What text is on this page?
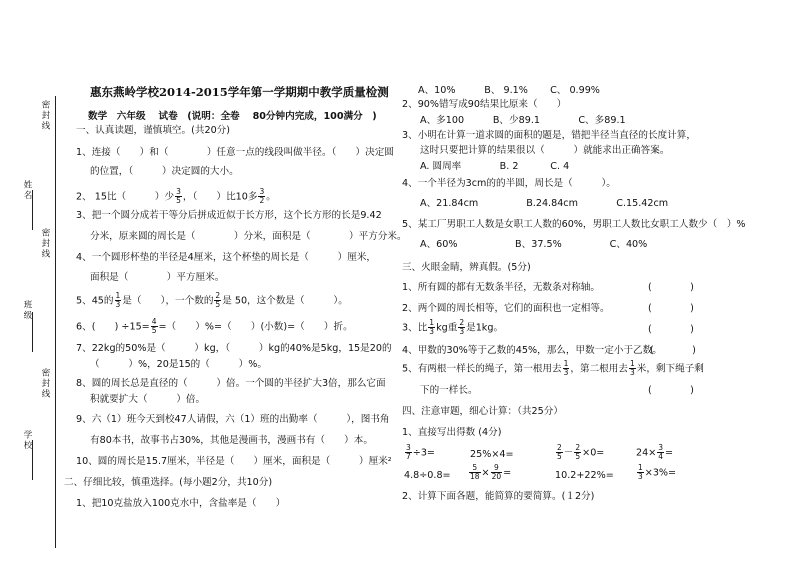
密封线
姓名
密封线
班级
密封线
学校
惠东燕岭学校2014-2015学年第一学期期中教学质量检测
数学　六年级　 试卷　(说明：全卷　 80分钟内完成，100满分　)
一、认真读题，谨慎填空。(共20分)
1、连接（　　）和（　　　　）任意一点的线段叫做半径。（　　）决定圆
的位置，（　　　）决定圆的大小。
2、 15比（　　　）少 $\frac{3}{5}$ ，（　　）比10多 $\frac{3}{2}$ 。
3、把一个圆分成若干等分后拼成近似于长方形，这个长方形的长是9.42
分米，原来圆的周长是（　　　　）分米，面积是（　　　　）平方分米。
4、一个圆形杯垫的半径是4厘米，这个杯垫的周长是（　　　）厘米，
面积是（　　　　）平方厘米。
5、45的 $\frac{1}{3}$ 是（　　），一个数的 $\frac{2}{5}$ 是 50，这个数是（　　　）。
6、(　　) $\div 15= \frac{4}{5}$ =（　　）%=（　　）(小数)=（　　）折。
7、22kg的50%是（　　　）kg，（　　　）kg的40%是5kg，15是20的
（　　　）%，20是15的（　　　）%。
8、圆的周长总是直径的（　　　）倍。一个圆的半径扩大3倍，那么它面
积就要扩大（　　　）倍。
9、六（1）班今天到校47人请假，六（1）班的出勤率（　　　），图书角
有80本书，故事书占30%，其他是漫画书，漫画书有（　　）本。
10、圆的周长是15.7厘米，半径是（　　）厘米，面积是（　　　）厘米²
二、仔细比较，慎重选择。(每小题2分，共10分)
1、把10克盐放入100克水中，含盐率是（　　）
A、10%　　　B、 9.1%　　 C、 0.99%
2、90%错写成90结果比原来（　　）
A、多100　　　B、少89.1　　　　C、多89.1
3、小明在计算一道求圆的面积的题是，错把半径当直径的长度计算，
这时只要把计算的结果很以（　　　）就能求出正确答案。
A. 圆周率　　　　B. 2　　　 C. 4
4、一个半径为3cm的的半圆，周长是（　　　）。
A、21.84cm　　　　　B.24.84cm　　　　C.15.42cm
5、某工厂男职工人数是女职工人数的60%，男职工人数比女职工人数少（　）%
A、60%　　　　　　B、37.5%　　　　　C、40%
三、火眼金睛，辨真假。(5分)
1、所有圆的都有无数条半径，无数条对称轴。	(　　　　)
2、两个圆的周长相等，它们的面积也一定相等。	(　　　　)
3、比 $\frac{1}{3}$ kg重 $\frac{2}{3}$ 是1kg。	(　　　　)
4、甲数的30%等于乙数的45%，那么，甲数一定小于乙数。
(　　　　)
5、有两根一样长的绳子，第一根用去 $\frac{1}{3}$ ，第二根用去 $\frac{1}{3}$ 米，剩下绳子剩
下的一样长。	(　　　　)
四、注意审题，细心计算：（共25分）
1、直接写出得数 (4分)
$\frac{3}{7} \div 3=$	25%×4=	$\frac{2}{5} - \frac{2}{5} \times 0=$	$24\times \frac{3}{4}$ =
$4.8\div 0.8= \frac{5}{18} \times \frac{9}{20}$ =	10.2+22%=	$\frac{1}{3} \times 3\%=$
2、计算下面各题，能简算的要简算。(１2分)
